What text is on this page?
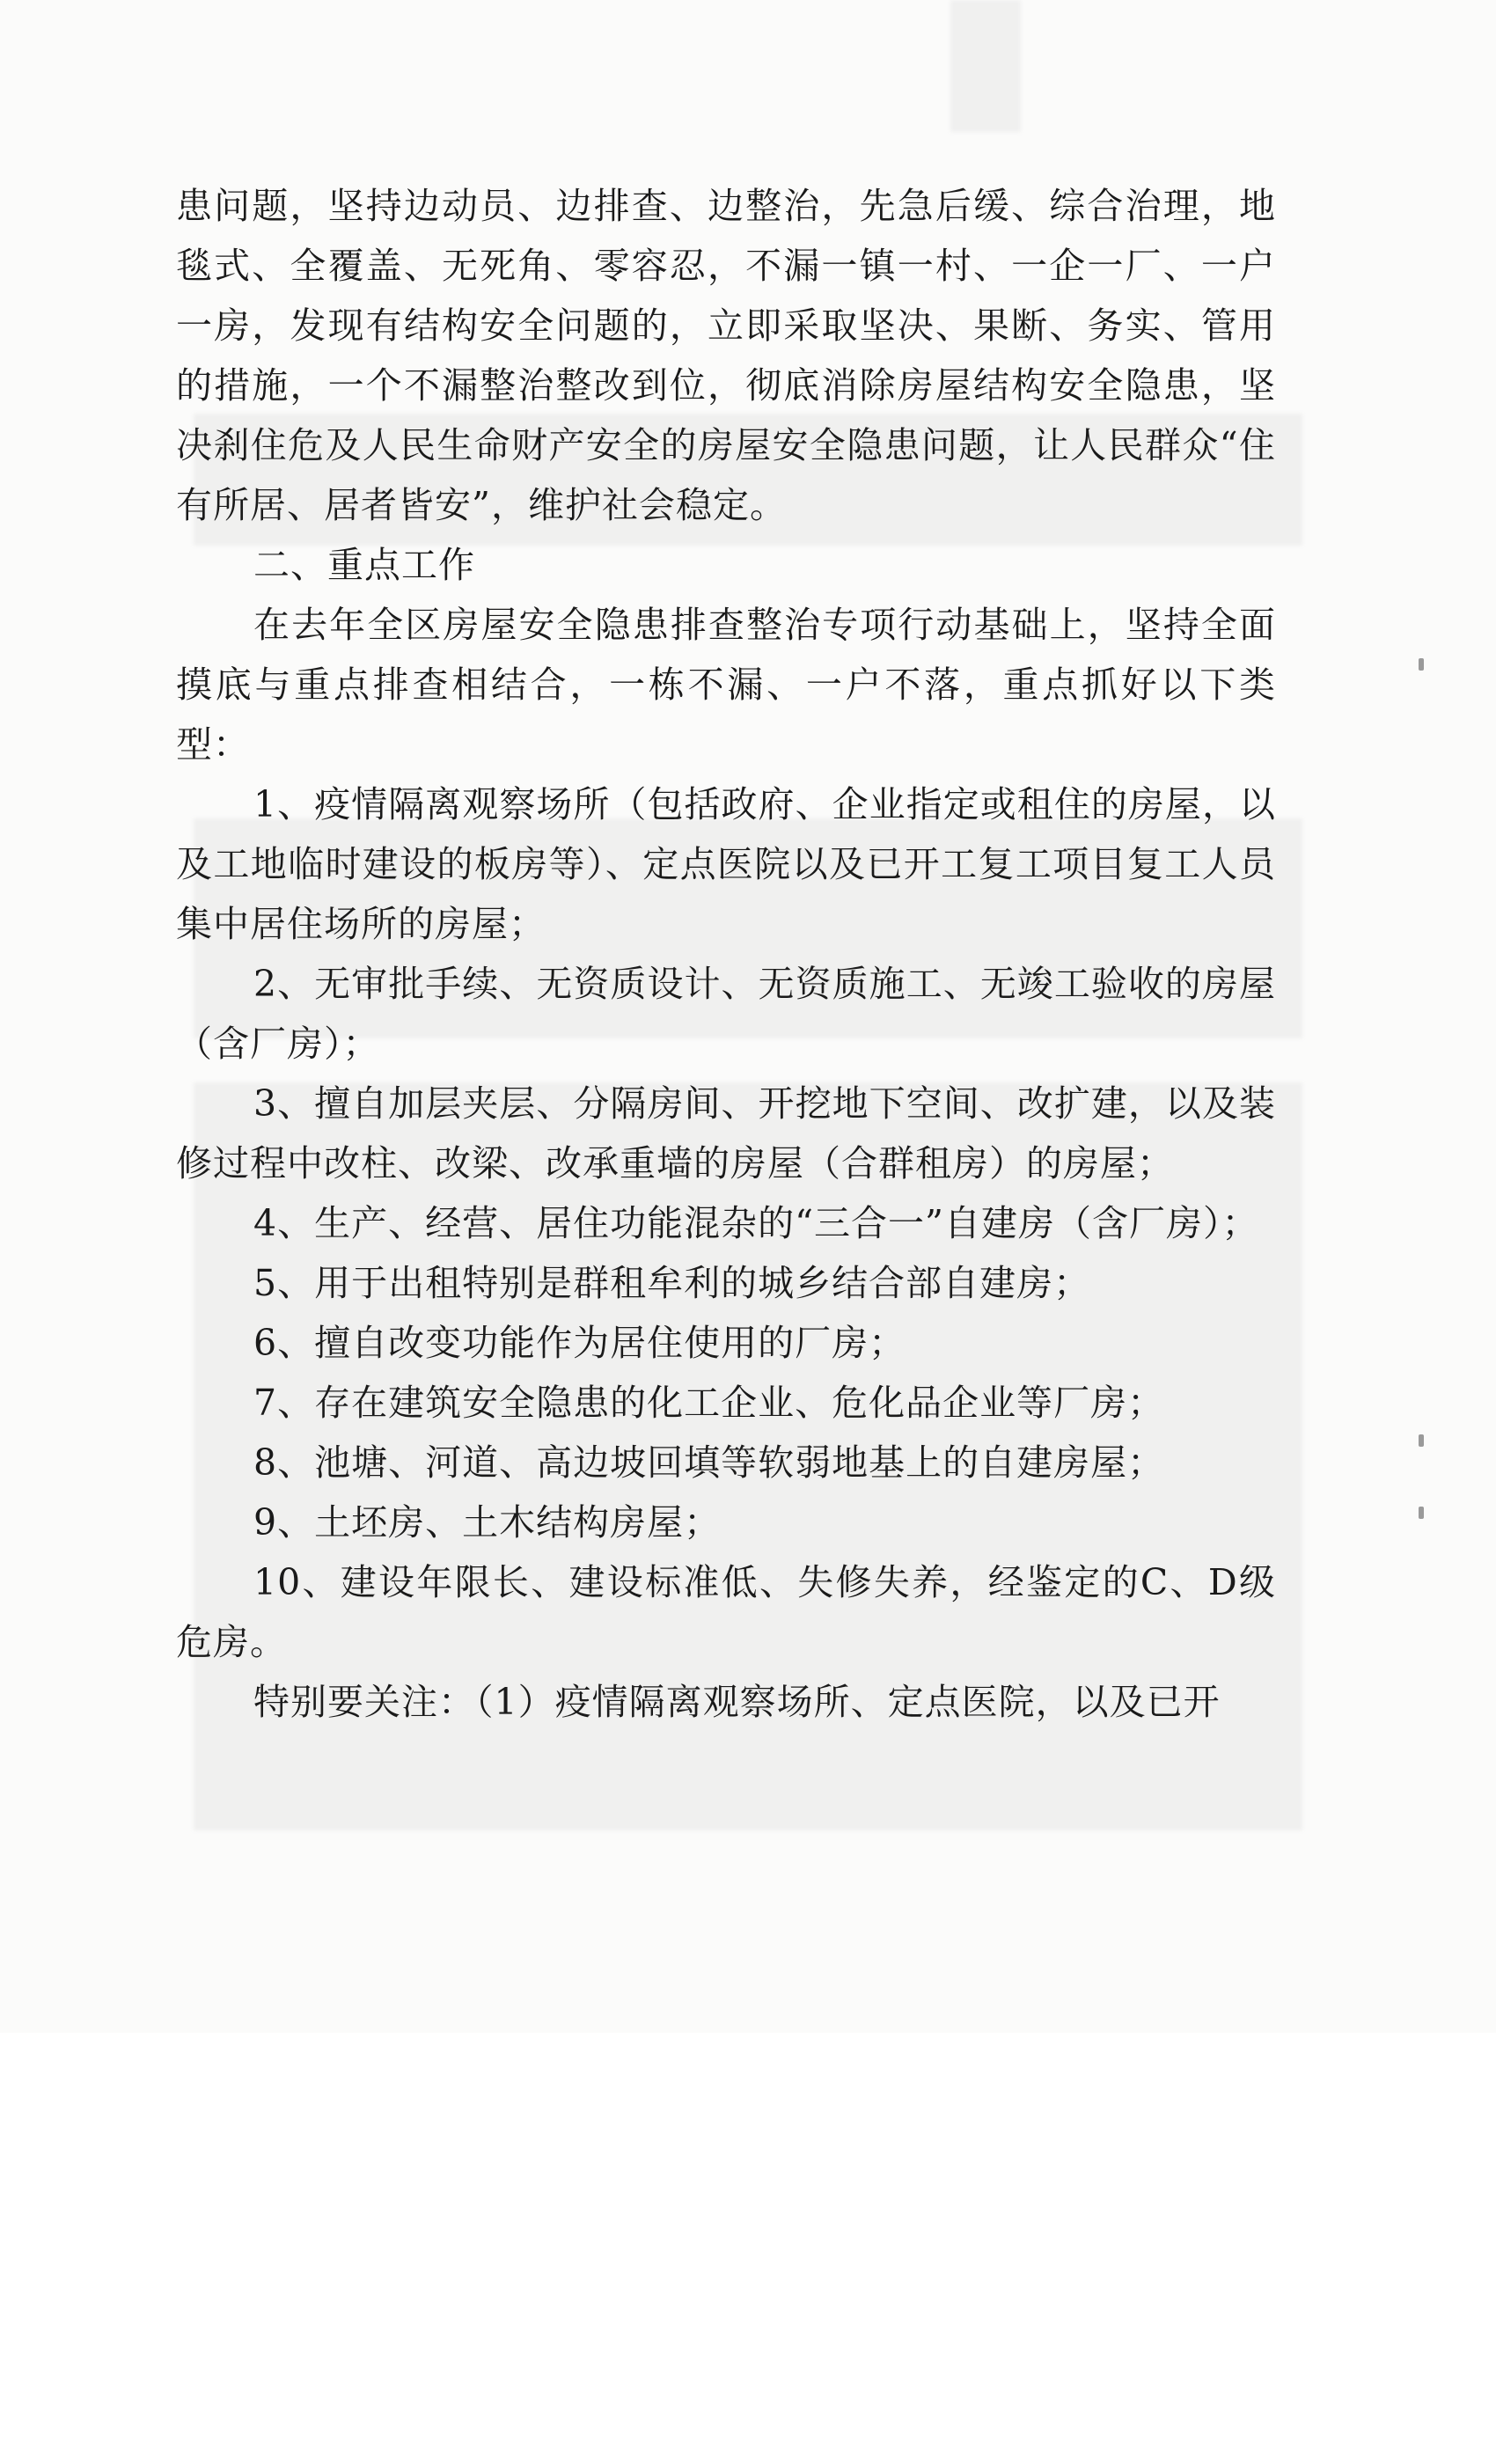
患问题，坚持边动员、边排查、边整治，先急后缓、综合治理，地毯式、全覆盖、无死角、零容忍，不漏一镇一村、一企一厂、一户一房，发现有结构安全问题的，立即采取坚决、果断、务实、管用的措施，一个不漏整治整改到位，彻底消除房屋结构安全隐患，坚决刹住危及人民生命财产安全的房屋安全隐患问题，让人民群众“住有所居、居者皆安”，维护社会稳定。

二、重点工作

在去年全区房屋安全隐患排查整治专项行动基础上，坚持全面摸底与重点排查相结合，一栋不漏、一户不落，重点抓好以下类型：

1、疫情隔离观察场所（包括政府、企业指定或租住的房屋，以及工地临时建设的板房等）、定点医院以及已开工复工项目复工人员集中居住场所的房屋；

2、无审批手续、无资质设计、无资质施工、无竣工验收的房屋（含厂房）；

3、擅自加层夹层、分隔房间、开挖地下空间、改扩建，以及装修过程中改柱、改梁、改承重墙的房屋（合群租房）的房屋；

4、生产、经营、居住功能混杂的“三合一”自建房（含厂房）；

5、用于出租特别是群租牟利的城乡结合部自建房；

6、擅自改变功能作为居住使用的厂房；

7、存在建筑安全隐患的化工企业、危化品企业等厂房；

8、池塘、河道、高边坡回填等软弱地基上的自建房屋；

9、土坯房、土木结构房屋；

10、建设年限长、建设标准低、失修失养，经鉴定的C、D级危房。

特别要关注：（1）疫情隔离观察场所、定点医院，以及已开
